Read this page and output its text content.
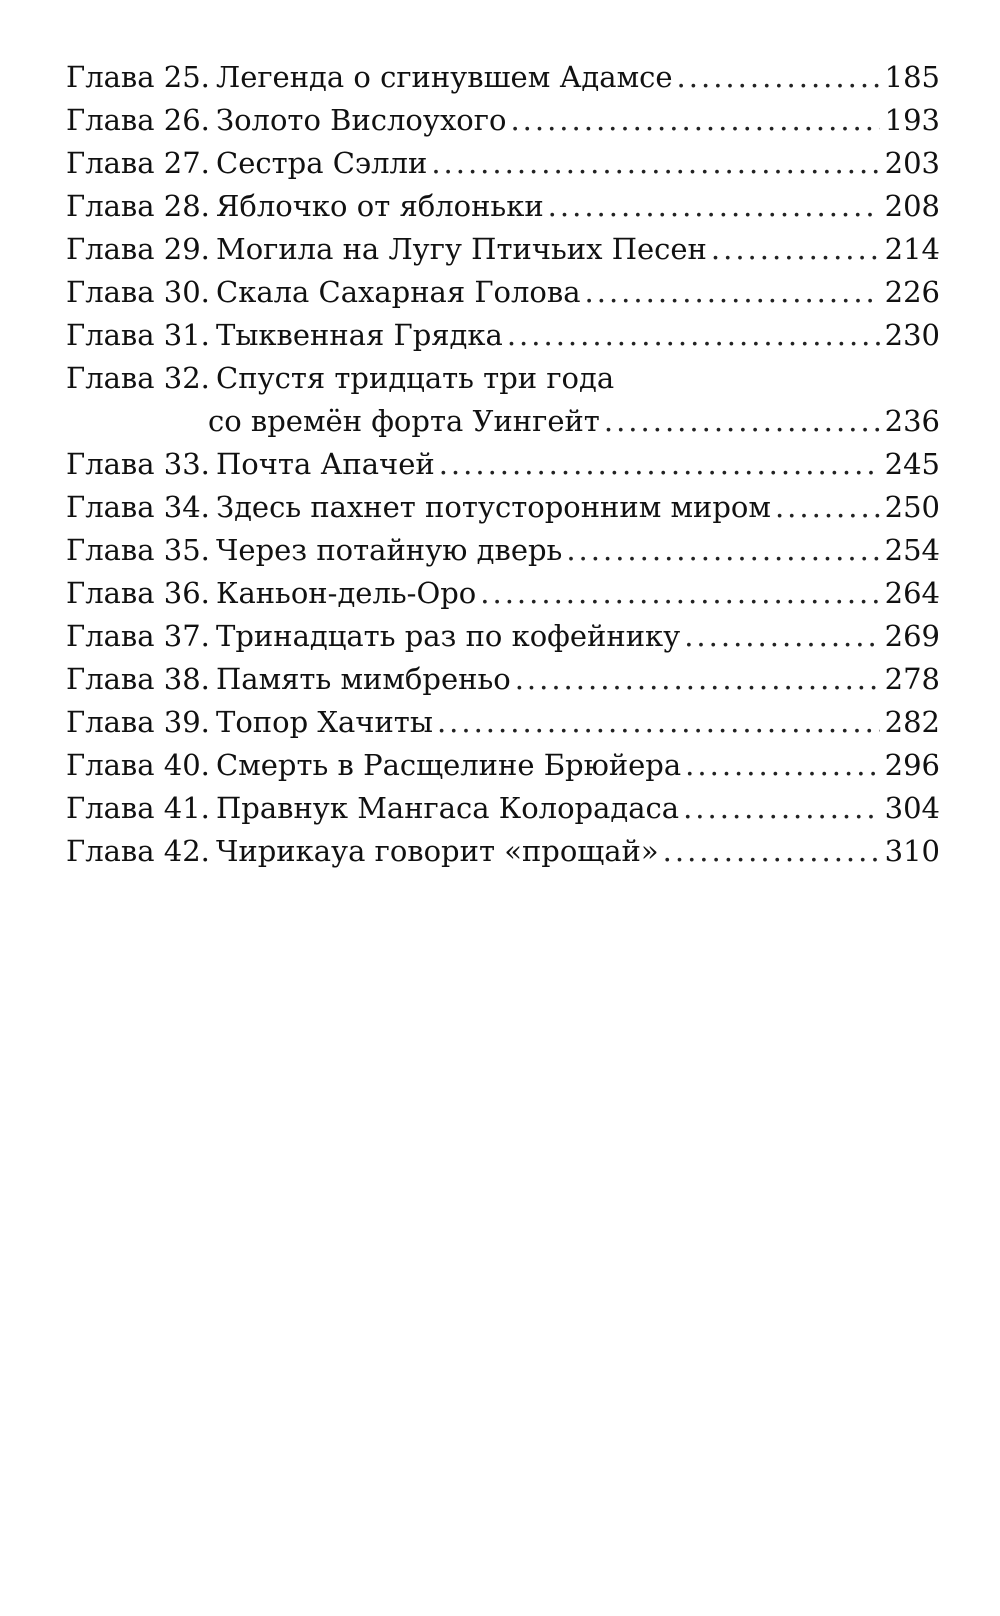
Глава 25. Легенда о сгинувшем Адамсе .....	185
Глава 26. Золото Вислоухого .....	193
Глава 27. Сестра Сэлли .....	203
Глава 28. Яблочко от яблоньки .....	208
Глава 29. Могила на Лугу Птичьих Песен .....	214
Глава 30. Скала Сахарная Голова .....	226
Глава 31. Тыквенная Грядка .....	230
Глава 32. Спустя тридцать три года
со времён форта Уингейт .....	236
Глава 33. Почта Апачей .....	245
Глава 34. Здесь пахнет потусторонним миром .....	250
Глава 35. Через потайную дверь .....	254
Глава 36. Каньон-дель-Оро .....	264
Глава 37. Тринадцать раз по кофейнику .....	269
Глава 38. Память мимбреньо .....	278
Глава 39. Топор Хачиты .....	282
Глава 40. Смерть в Расщелине Брюйера .....	296
Глава 41. Правнук Мангаса Колорадаса .....	304
Глава 42. Чирикауа говорит «прощай» .....	310
